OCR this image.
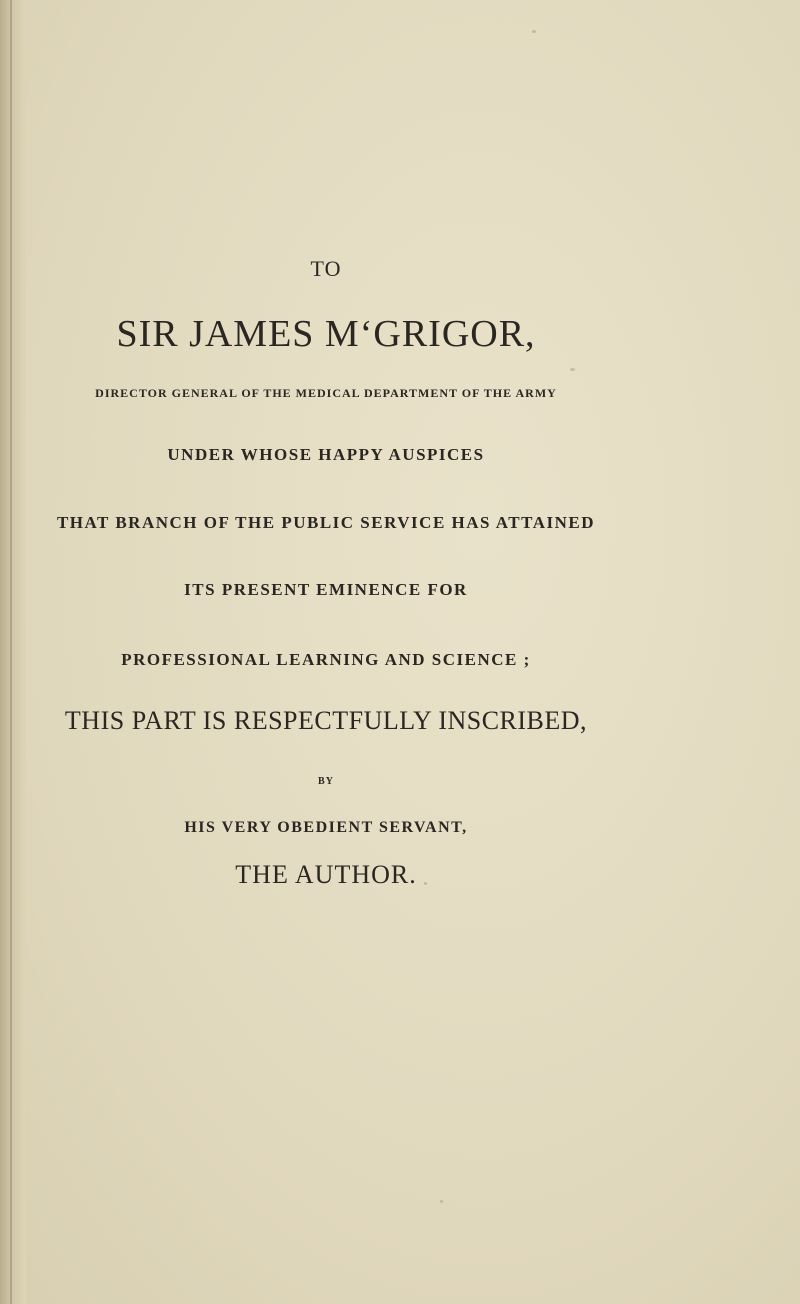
TO
SIR JAMES M‘GRIGOR,
DIRECTOR GENERAL OF THE MEDICAL DEPARTMENT OF THE ARMY
UNDER WHOSE HAPPY AUSPICES
THAT BRANCH OF THE PUBLIC SERVICE HAS ATTAINED
ITS PRESENT EMINENCE FOR
PROFESSIONAL LEARNING AND SCIENCE ;
THIS PART IS RESPECTFULLY INSCRIBED,
BY
HIS VERY OBEDIENT SERVANT,
THE AUTHOR.
